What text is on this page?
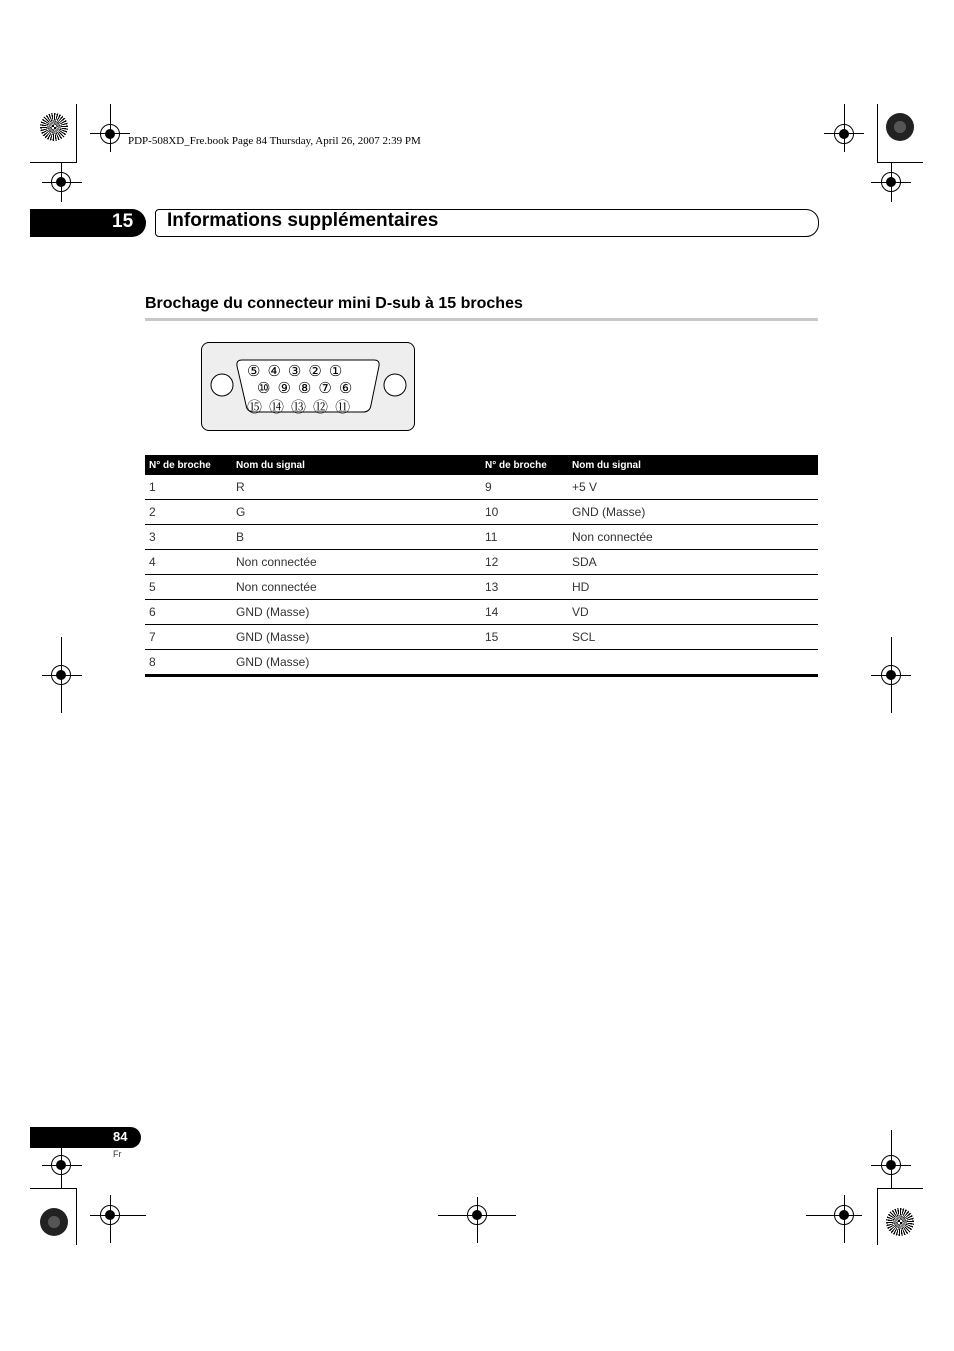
PDP-508XD_Fre.book Page 84 Thursday, April 26, 2007 2:39 PM
15 Informations supplémentaires
Brochage du connecteur mini D-sub à 15 broches
⑤④③②①
⑩⑨⑧⑦⑥
⑮⑭⑬⑫⑪
N° de broche	Nom du signal	N° de broche	Nom du signal
1	R	9	+5 V
2	G	10	GND (Masse)
3	B	11	Non connectée
4	Non connectée	12	SDA
5	Non connectée	13	HD
6	GND (Masse)	14	VD
7	GND (Masse)	15	SCL
8	GND (Masse)		
84
Fr
